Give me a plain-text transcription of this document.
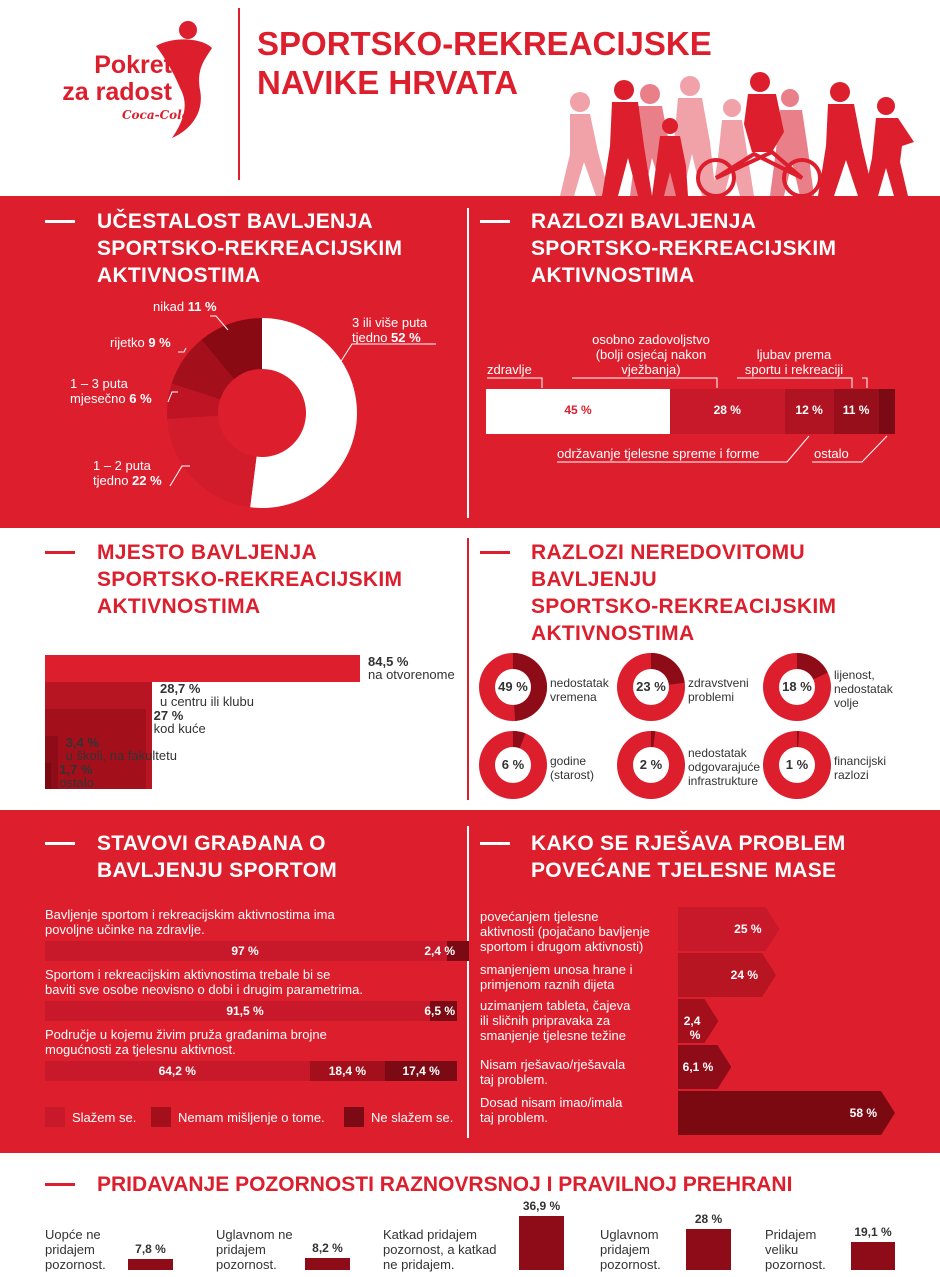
Pokret
za radost
Coca-Cola
SPORTSKO-REKREACIJSKE
NAVIKE HRVATA
UČESTALOST BAVLJENJA
SPORTSKO-REKREACIJSKIM
AKTIVNOSTIMA
nikad 11 %
rijetko 9 %
1 – 3 puta
mjesečno 6 %
1 – 2 puta
tjedno 22 %
3 ili više puta
tjedno 52 %
RAZLOZI BAVLJENJA
SPORTSKO-REKREACIJSKIM
AKTIVNOSTIMA
45 %	28 %	12 %	11 %
zdravlje
osobno zadovoljstvo
(bolji osjećaj nakon
vježbanja)
ljubav prema
sportu i rekreaciji
održavanje tjelesne spreme i forme	ostalo
MJESTO BAVLJENJA
SPORTSKO-REKREACIJSKIM
AKTIVNOSTIMA
84,5 %
na otvorenome
28,7 %
u centru ili klubu
27 %
kod kuće
3,4 %
u školi, na fakultetu
1,7 %
ostalo
RAZLOZI NEREDOVITOMU
BAVLJENJU
SPORTSKO-REKREACIJSKIM
AKTIVNOSTIMA
49 %	nedostatak
vremena
23 %	zdravstveni
problemi
18 %
lijenost,
nedostatak
volje
6 %	godine
(starost)
2 %
nedostatak
odgovarajuće
infrastrukture
1 %	financijski
razlozi
STAVOVI GRAĐANA O
BAVLJENJU SPORTOM
Bavljenje sportom i rekreacijskim aktivnostima ima
povoljne učinke na zdravlje.
97 %	2,4 %
Sportom i rekreacijskim aktivnostima trebale bi se
baviti sve osobe neovisno o dobi i drugim parametrima.
91,5 %	6,5 %
Područje u kojemu živim pruža građanima brojne
mogućnosti za tjelesnu aktivnost.
64,2 %	18,4 %	17,4 %
Slažem se.	Nemam mišljenje o tome.	Ne slažem se.
KAKO SE RJEŠAVA PROBLEM
POVEĆANE TJELESNE MASE
25 %
povećanjem tjelesne
aktivnosti (pojačano bavljenje
sportom i drugom aktivnosti)
24 %
smanjenjem unosa hrane i
primjenom raznih dijeta
2,4 %
uzimanjem tableta, čajeva
ili sličnih pripravaka za
smanjenje tjelesne težine
6,1 %
Nisam rješavao/rješavala
taj problem.
58 %
Dosad nisam imao/imala
taj problem.
PRIDAVANJE POZORNOSTI RAZNOVRSNOJ I PRAVILNOJ PREHRANI
Uopće ne
pridajem
pozornost.
7,8 %
Uglavnom ne
pridajem
pozornost.
8,2 %
Katkad pridajem
pozornost, a katkad
ne pridajem.
36,9 %
Uglavnom
pridajem
pozornost.
28 %
Pridajem
veliku
pozornost.
19,1 %
